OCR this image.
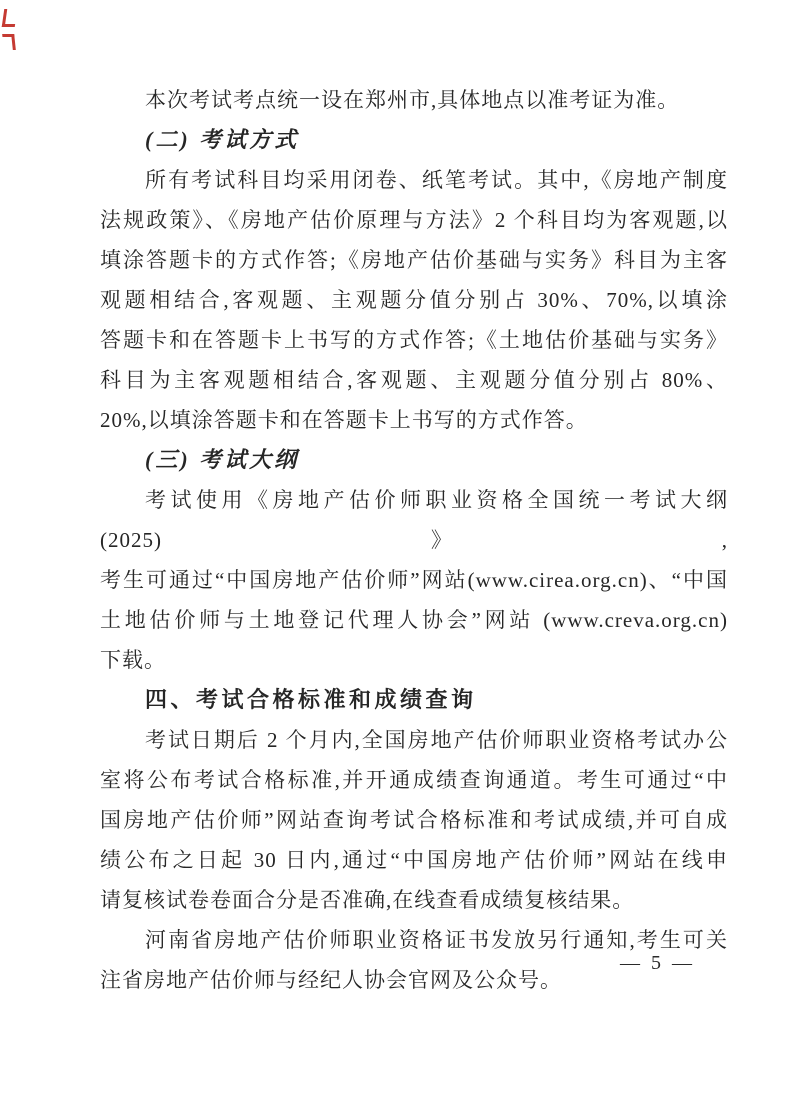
本次考试考点统一设在郑州市,具体地点以准考证为准。
(二) 考试方式
所有考试科目均采用闭卷、纸笔考试。其中,《房地产制度
法规政策》、《房地产估价原理与方法》2 个科目均为客观题,以
填涂答题卡的方式作答;《房地产估价基础与实务》科目为主客
观题相结合,客观题、主观题分值分别占 30%、70%,以填涂
答题卡和在答题卡上书写的方式作答;《土地估价基础与实务》
科目为主客观题相结合,客观题、主观题分值分别占 80%、
20%,以填涂答题卡和在答题卡上书写的方式作答。
(三) 考试大纲
考试使用《房地产估价师职业资格全国统一考试大纲(2025)》,
考生可通过“中国房地产估价师”网站(www.cirea.org.cn)、“中国
土地估价师与土地登记代理人协会”网站 (www.creva.org.cn)
下载。
四、考试合格标准和成绩查询
考试日期后 2 个月内,全国房地产估价师职业资格考试办公
室将公布考试合格标准,并开通成绩查询通道。考生可通过“中
国房地产估价师”网站查询考试合格标准和考试成绩,并可自成
绩公布之日起 30 日内,通过“中国房地产估价师”网站在线申
请复核试卷卷面合分是否准确,在线查看成绩复核结果。
河南省房地产估价师职业资格证书发放另行通知,考生可关
注省房地产估价师与经纪人协会官网及公众号。
— 5 —
